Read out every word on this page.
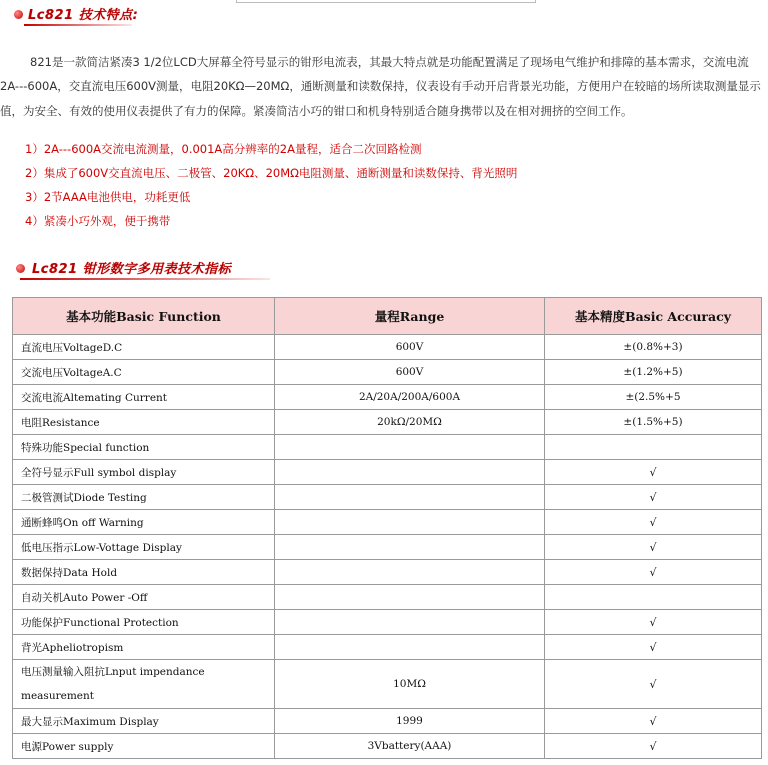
Lc821 技术特点:

821是一款简洁紧凑3 1/2位LCD大屏幕全符号显示的钳形电流表，其最大特点就是功能配置满足了现场电气维护和排障的基本需求，交流电流2A---600A，交直流电压600V测量，电阻20KΩ—20MΩ，通断测量和读数保持，仪表设有手动开启背景光功能，方便用户在较暗的场所读取测量显示值，为安全、有效的使用仪表提供了有力的保障。紧凑简洁小巧的钳口和机身特别适合随身携带以及在相对拥挤的空间工作。

1）2A---600A交流电流测量，0.001A高分辨率的2A量程，适合二次回路检测
2）集成了600V交直流电压、二极管、20KΩ、20MΩ电阻测量、通断测量和读数保持、背光照明
3）2节AAA电池供电，功耗更低
4）紧凑小巧外观，便于携带
Lc821 钳形数字多用表技术指标
基本功能Basic Function	量程Range	基本精度Basic Accuracy
直流电压VoltageD.C	600V	±(0.8%+3)
交流电压VoltageA.C	600V	±(1.2%+5)
交流电流Altemating Current	2A/20A/200A/600A	±(2.5%+5
电阻Resistance	20kΩ/20MΩ	±(1.5%+5)
特殊功能Special function		
全符号显示Full symbol display		√
二极管测试Diode Testing		√
通断蜂鸣On off Warning		√
低电压指示Low-Vottage Display		√
数据保持Data Hold		√
自动关机Auto Power -Off		
功能保护Functional Protection		√
背光Apheliotropism		√
电压测量输入阻抗Lnput impendance measurement	10MΩ	√
最大显示Maximum Display	1999	√
电源Power supply	3Vbattery(AAA)	√
